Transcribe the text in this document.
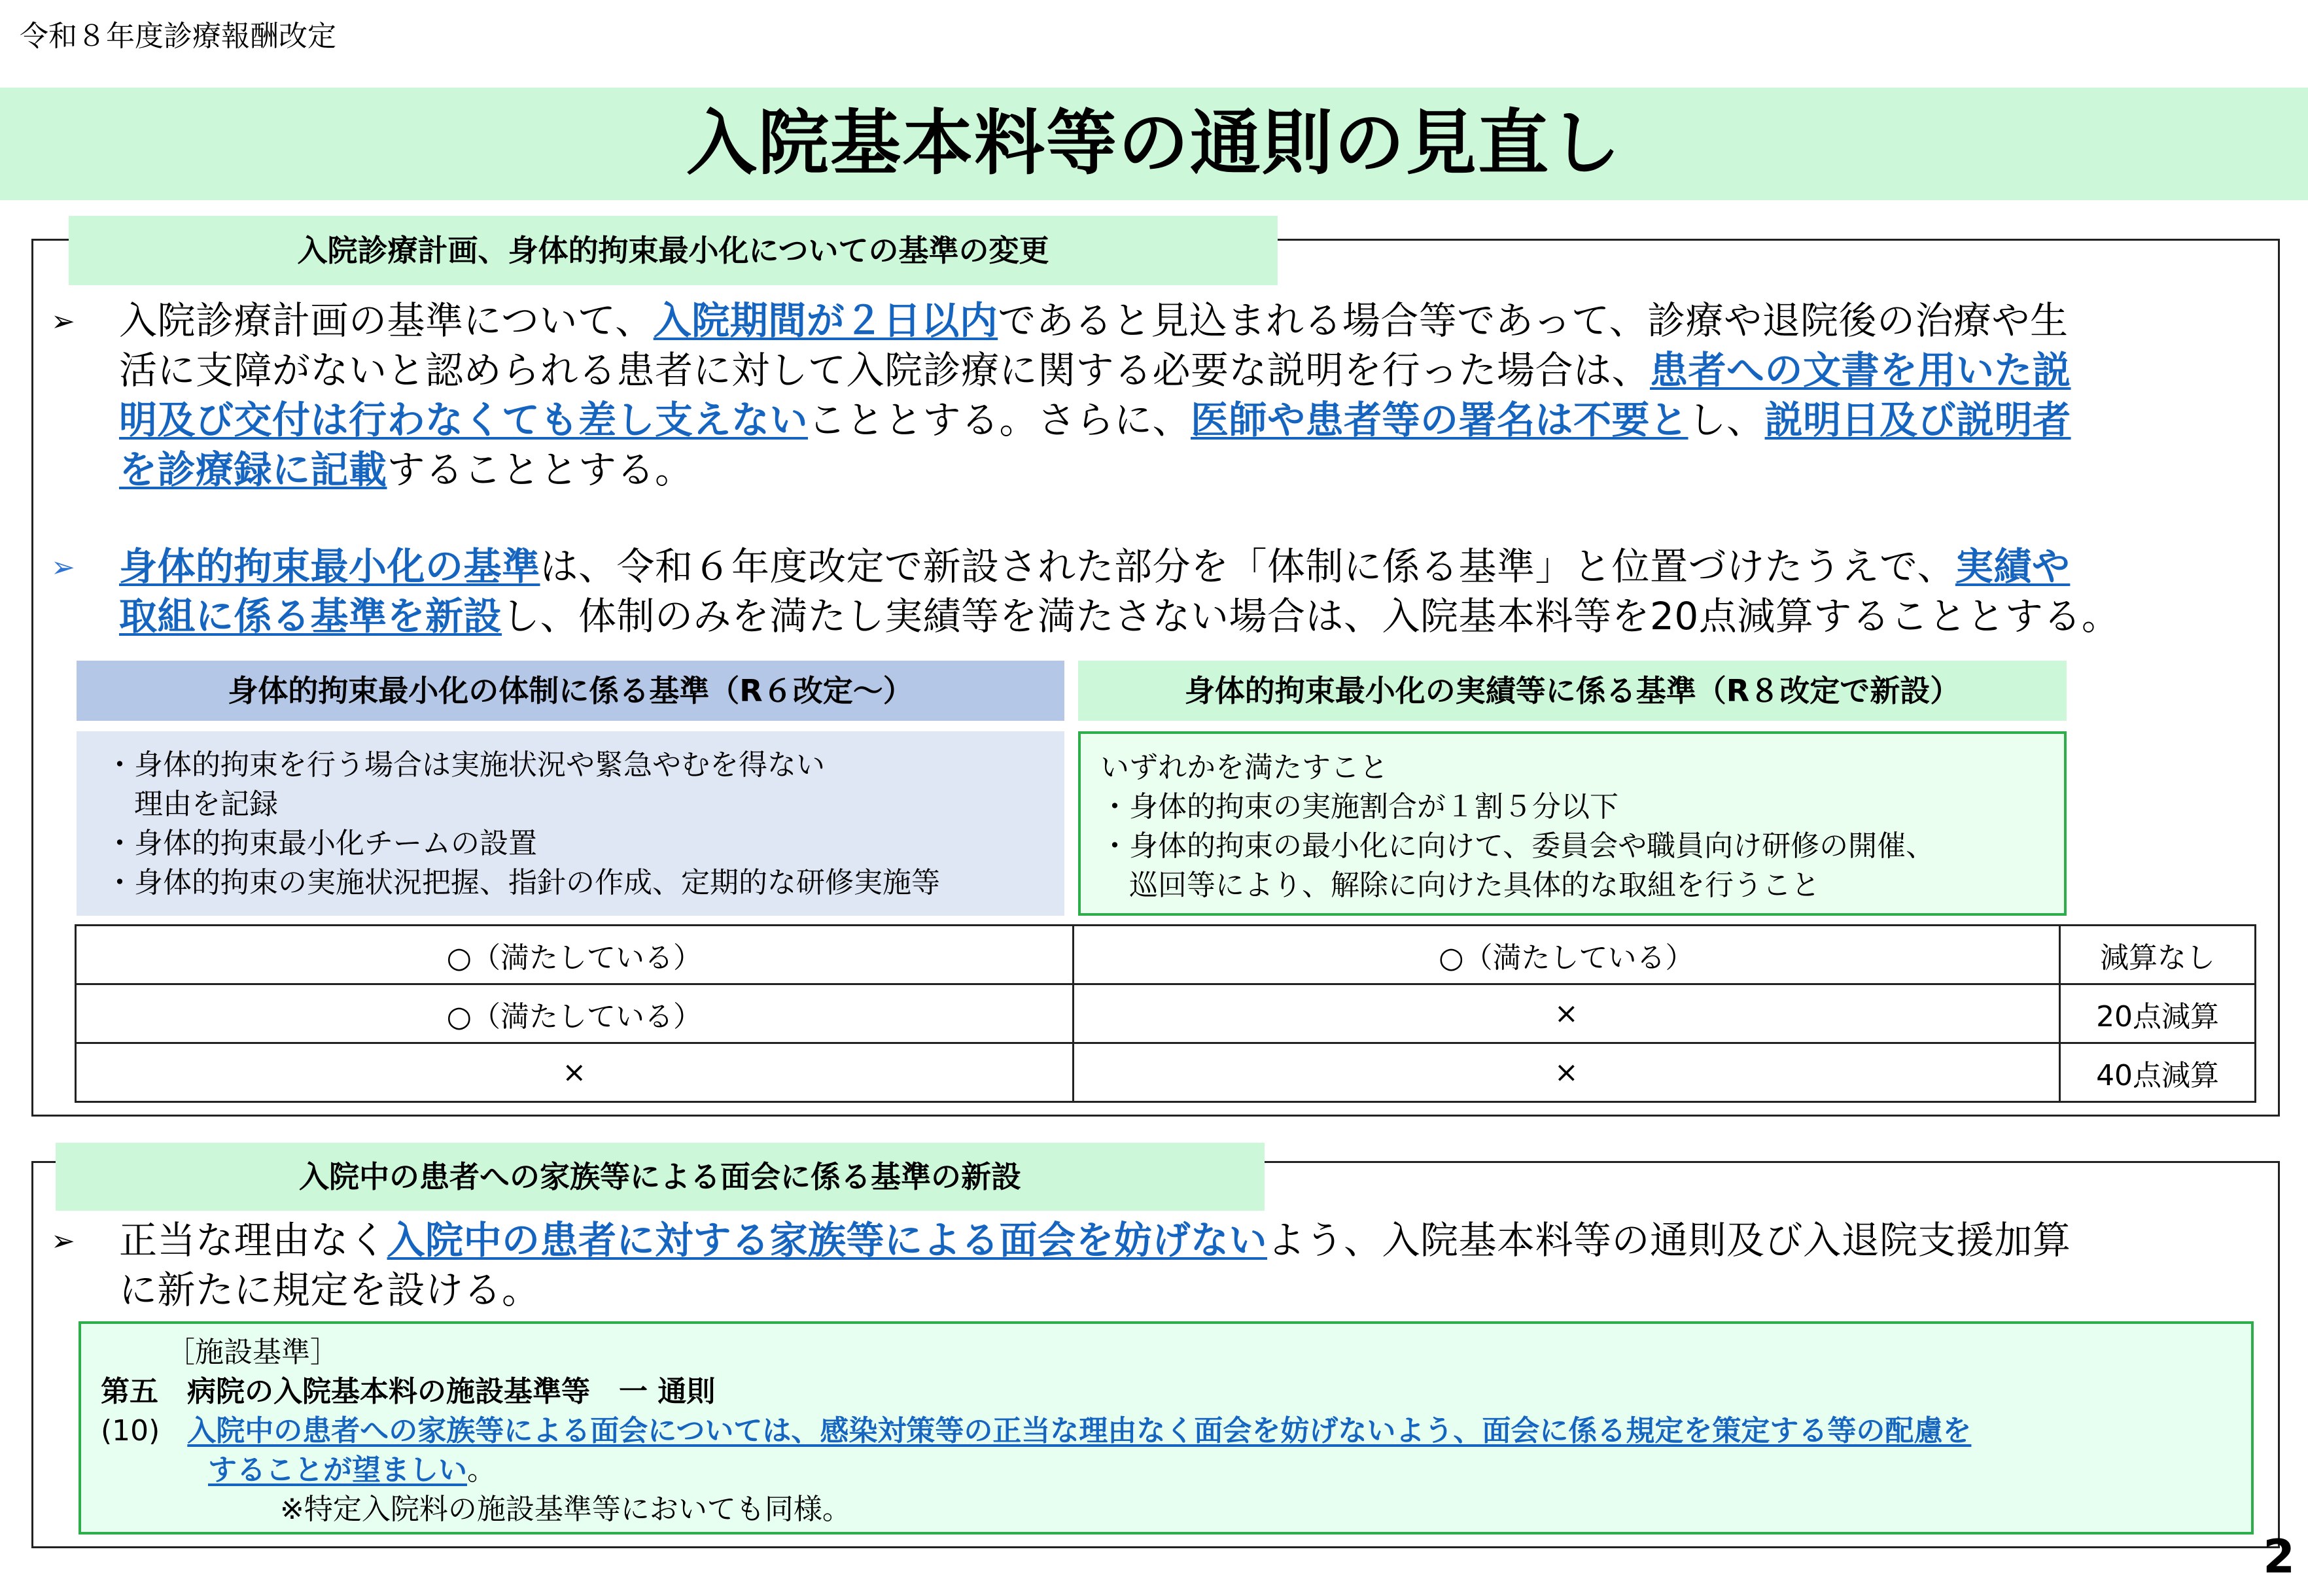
令和８年度診療報酬改定
入院基本料等の通則の見直し
入院診療計画、身体的拘束最小化についての基準の変更
➢ 入院診療計画の基準について、入院期間が２日以内であると見込まれる場合等であって、診療や退院後の治療や生
活に支障がないと認められる患者に対して入院診療に関する必要な説明を行った場合は、患者への文書を用いた説
明及び交付は行わなくても差し支えないこととする。さらに、医師や患者等の署名は不要とし、説明日及び説明者
を診療録に記載することとする。
➢ 身体的拘束最小化の基準は、令和６年度改定で新設された部分を「体制に係る基準」と位置づけたうえで、実績や
取組に係る基準を新設し、体制のみを満たし実績等を満たさない場合は、入院基本料等を20点減算することとする。
身体的拘束最小化の体制に係る基準（R６改定～）	身体的拘束最小化の実績等に係る基準（R８改定で新設）
・身体的拘束を行う場合は実施状況や緊急やむを得ない
　理由を記録
・身体的拘束最小化チームの設置
・身体的拘束の実施状況把握、指針の作成、定期的な研修実施等
いずれかを満たすこと
・身体的拘束の実施割合が１割５分以下
・身体的拘束の最小化に向けて、委員会や職員向け研修の開催、
　巡回等により、解除に向けた具体的な取組を行うこと
○（満たしている）	○（満たしている）	減算なし
○（満たしている）	×	20点減算
×	×	40点減算
入院中の患者への家族等による面会に係る基準の新設
➢ 正当な理由なく入院中の患者に対する家族等による面会を妨げないよう、入院基本料等の通則及び入退院支援加算
に新たに規定を設ける。
［施設基準］
第五　病院の入院基本料の施設基準等　一 通則
(10) 入院中の患者への家族等による面会については、感染対策等の正当な理由なく面会を妨げないよう、面会に係る規定を策定する等の配慮を
することが望ましい。
※特定入院料の施設基準等においても同様。
2
